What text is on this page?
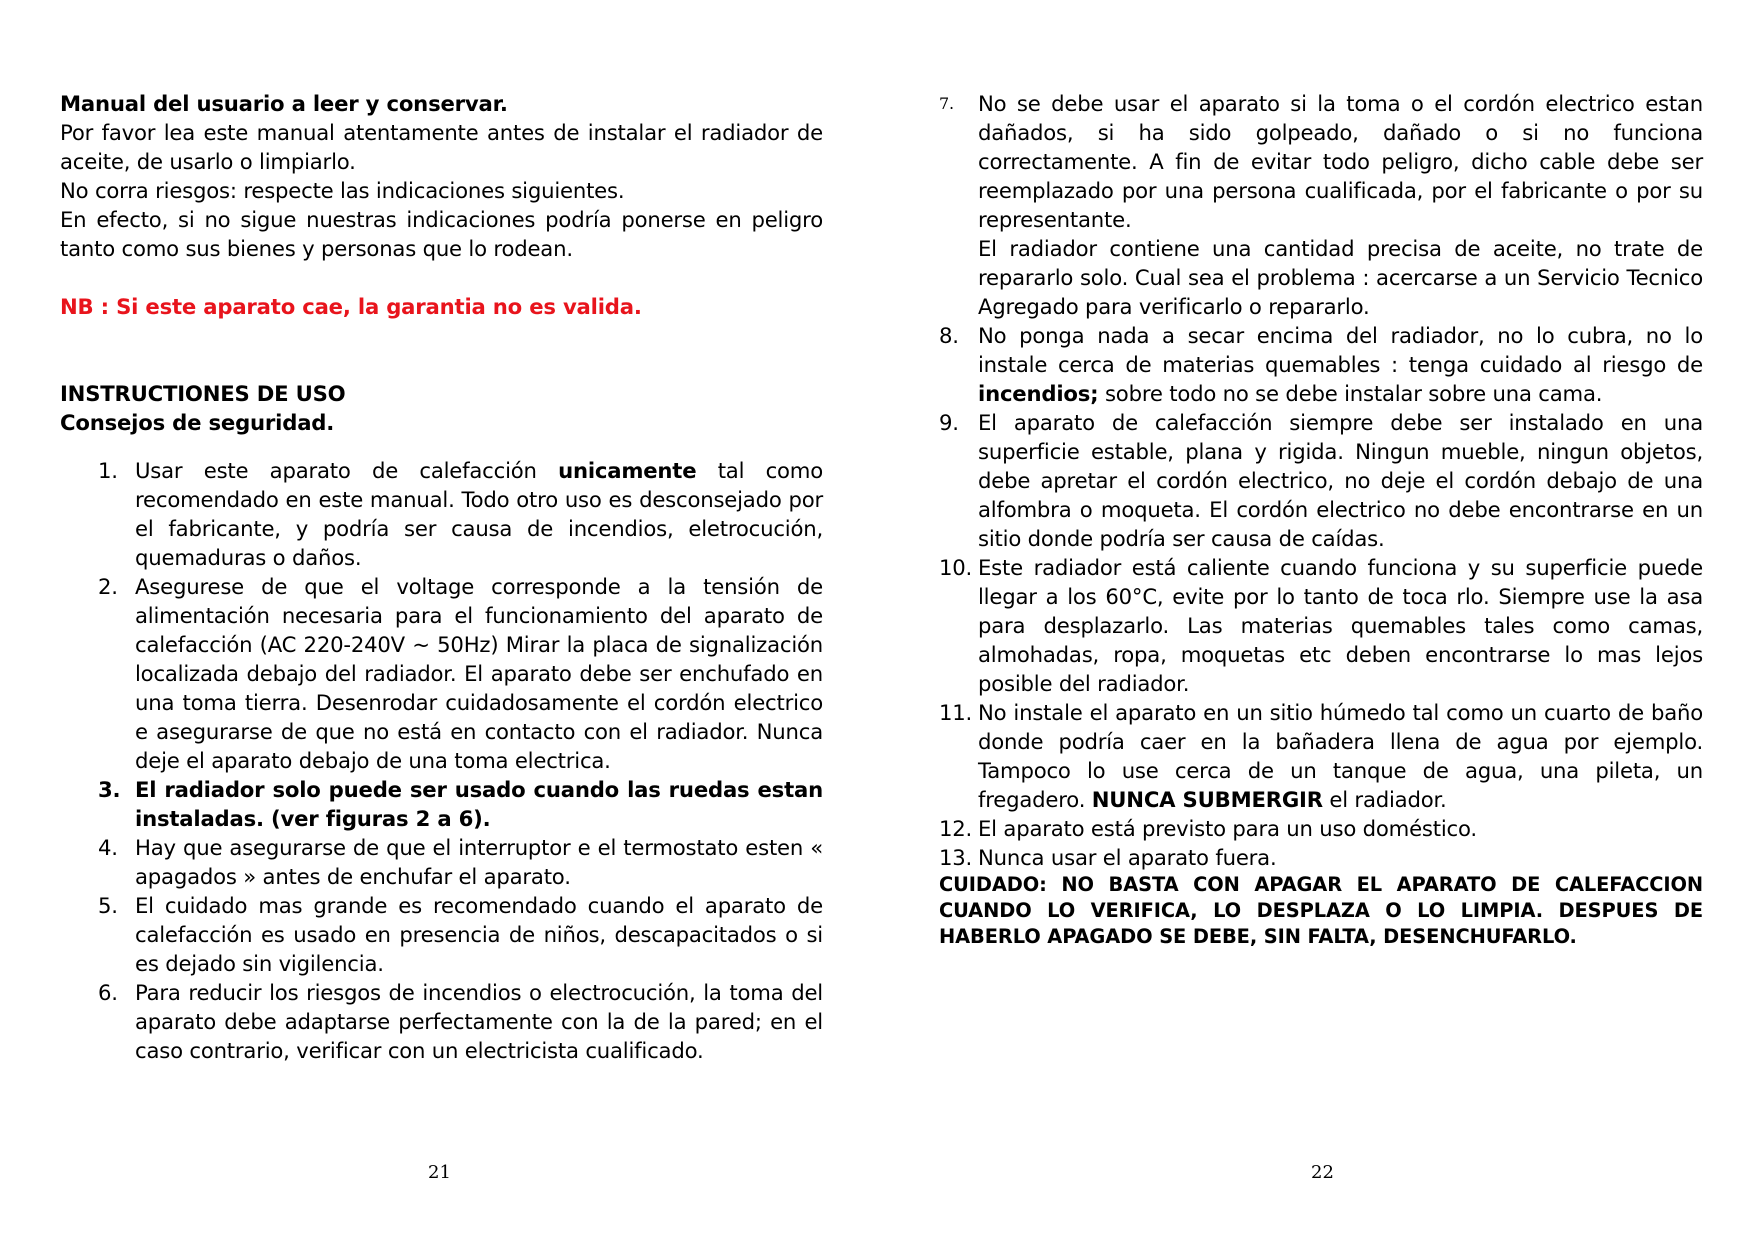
Manual del usuario a leer y conservar.

Por favor lea este manual atentamente antes de instalar el radiador de aceite, de usarlo o limpiarlo.

No corra riesgos: respecte las indicaciones siguientes.

En efecto, si no sigue nuestras indicaciones podría ponerse en peligro tanto como sus bienes y personas que lo rodean.

NB : Si este aparato cae, la garantia no es valida.

INSTRUCTIONES DE USO

Consejos de seguridad.

1. Usar este aparato de calefacción unicamente tal como recomendado en este manual. Todo otro uso es desconsejado por el fabricante, y podría ser causa de incendios, eletrocución, quemaduras o daños.
2. Asegurese de que el voltage corresponde a la tensión de alimentación necesaria para el funcionamiento del aparato de calefacción (AC 220-240V ~ 50Hz) Mirar la placa de signalización localizada debajo del radiador. El aparato debe ser enchufado en una toma tierra. Desenrodar cuidadosamente el cordón electrico e asegurarse de que no está en contacto con el radiador. Nunca deje el aparato debajo de una toma electrica.
3. El radiador solo puede ser usado cuando las ruedas estan instaladas. (ver figuras 2 a 6).
4. Hay que asegurarse de que el interruptor e el termostato esten « apagados » antes de enchufar el aparato.
5. El cuidado mas grande es recomendado cuando el aparato de calefacción es usado en presencia de niños, descapacitados o si es dejado sin vigilencia.
6. Para reducir los riesgos de incendios o electrocución, la toma del aparato debe adaptarse perfectamente con la de la pared; en el caso contrario, verificar con un electricista cualificado.
21
7.	No se debe usar el aparato si la toma o el cordón electrico estan dañados, si ha sido golpeado, dañado o si no funciona correctamente. A fin de evitar todo peligro, dicho cable debe ser reemplazado por una persona cualificada, por el fabricante o por su representante.

El radiador contiene una cantidad precisa de aceite, no trate de repararlo solo. Cual sea el problema : acercarse a un Servicio Tecnico Agregado para verificarlo o repararlo.

8. No ponga nada a secar encima del radiador, no lo cubra, no lo instale cerca de materias quemables : tenga cuidado al riesgo de incendios; sobre todo no se debe instalar sobre una cama.
9. El aparato de calefacción siempre debe ser instalado en una superficie estable, plana y rigida. Ningun mueble, ningun objetos, debe apretar el cordón electrico, no deje el cordón debajo de una alfombra o moqueta. El cordón electrico no debe encontrarse en un sitio donde podría ser causa de caídas.
10. Este radiador está caliente cuando funciona y su superficie puede llegar a los 60°C, evite por lo tanto de toca rlo. Siempre use la asa para desplazarlo. Las materias quemables tales como camas, almohadas, ropa, moquetas etc deben encontrarse lo mas lejos posible del radiador.
11. No instale el aparato en un sitio húmedo tal como un cuarto de baño donde podría caer en la bañadera llena de agua por ejemplo. Tampoco lo use cerca de un tanque de agua, una pileta, un fregadero. NUNCA SUBMERGIR el radiador.
12. El aparato está previsto para un uso doméstico.
13. Nunca usar el aparato fuera.

CUIDADO: NO BASTA CON APAGAR EL APARATO DE CALEFACCION CUANDO LO VERIFICA, LO DESPLAZA O LO LIMPIA. DESPUES DE HABERLO APAGADO SE DEBE, SIN FALTA, DESENCHUFARLO.

22
